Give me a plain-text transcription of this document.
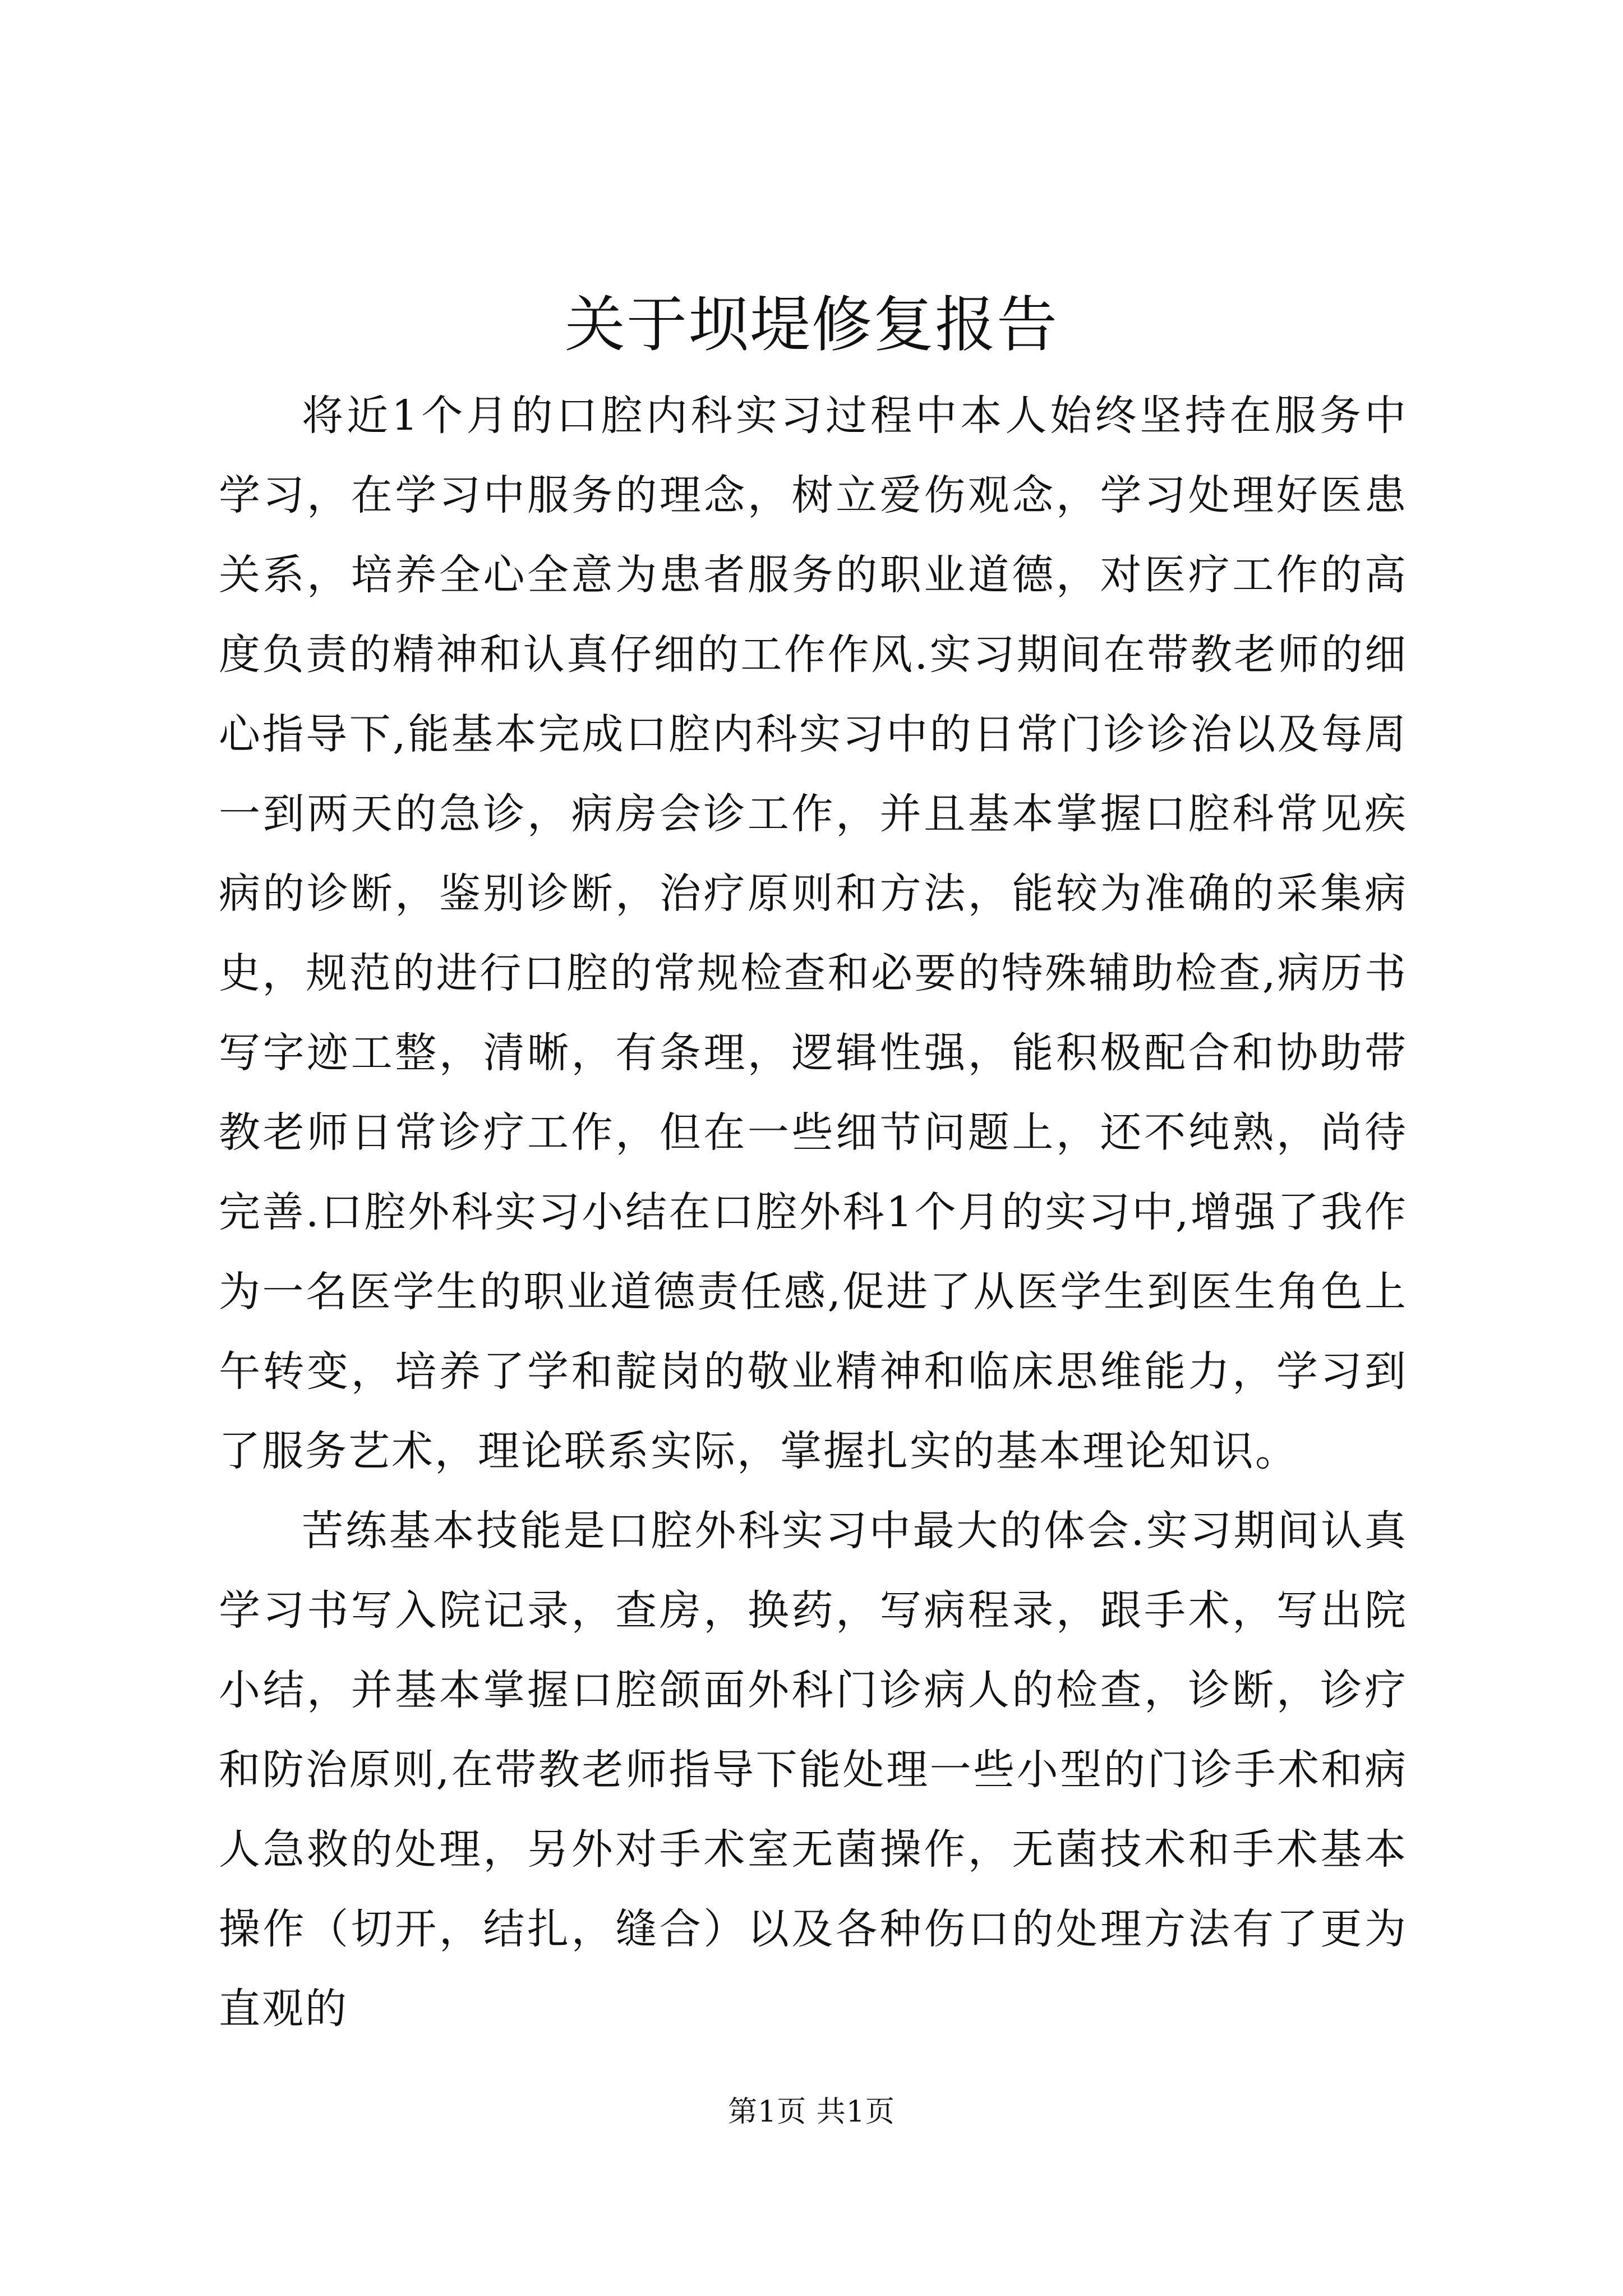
关于坝堤修复报告

将近1个月的口腔内科实习过程中本人始终坚持在服务中学习，在学习中服务的理念，树立爱伤观念，学习处理好医患关系，培养全心全意为患者服务的职业道德，对医疗工作的高度负责的精神和认真仔细的工作作风.实习期间在带教老师的细心指导下,能基本完成口腔内科实习中的日常门诊诊治以及每周一到两天的急诊，病房会诊工作，并且基本掌握口腔科常见疾病的诊断，鉴别诊断，治疗原则和方法，能较为准确的采集病史，规范的进行口腔的常规检查和必要的特殊辅助检查,病历书写字迹工整，清晰，有条理，逻辑性强，能积极配合和协助带教老师日常诊疗工作，但在一些细节问题上，还不纯熟，尚待完善.口腔外科实习小结在口腔外科1个月的实习中,增强了我作为一名医学生的职业道德责任感,促进了从医学生到医生角色上午转变，培养了学和靛岗的敬业精神和临床思维能力，学习到了服务艺术，理论联系实际，掌握扎实的基本理论知识。

苦练基本技能是口腔外科实习中最大的体会.实习期间认真学习书写入院记录，查房，换药，写病程录，跟手术，写出院小结，并基本掌握口腔颌面外科门诊病人的检查，诊断，诊疗和防治原则,在带教老师指导下能处理一些小型的门诊手术和病人急救的处理，另外对手术室无菌操作，无菌技术和手术基本操作（切开，结扎，缝合）以及各种伤口的处理方法有了更为直观的

第1页 共1页
